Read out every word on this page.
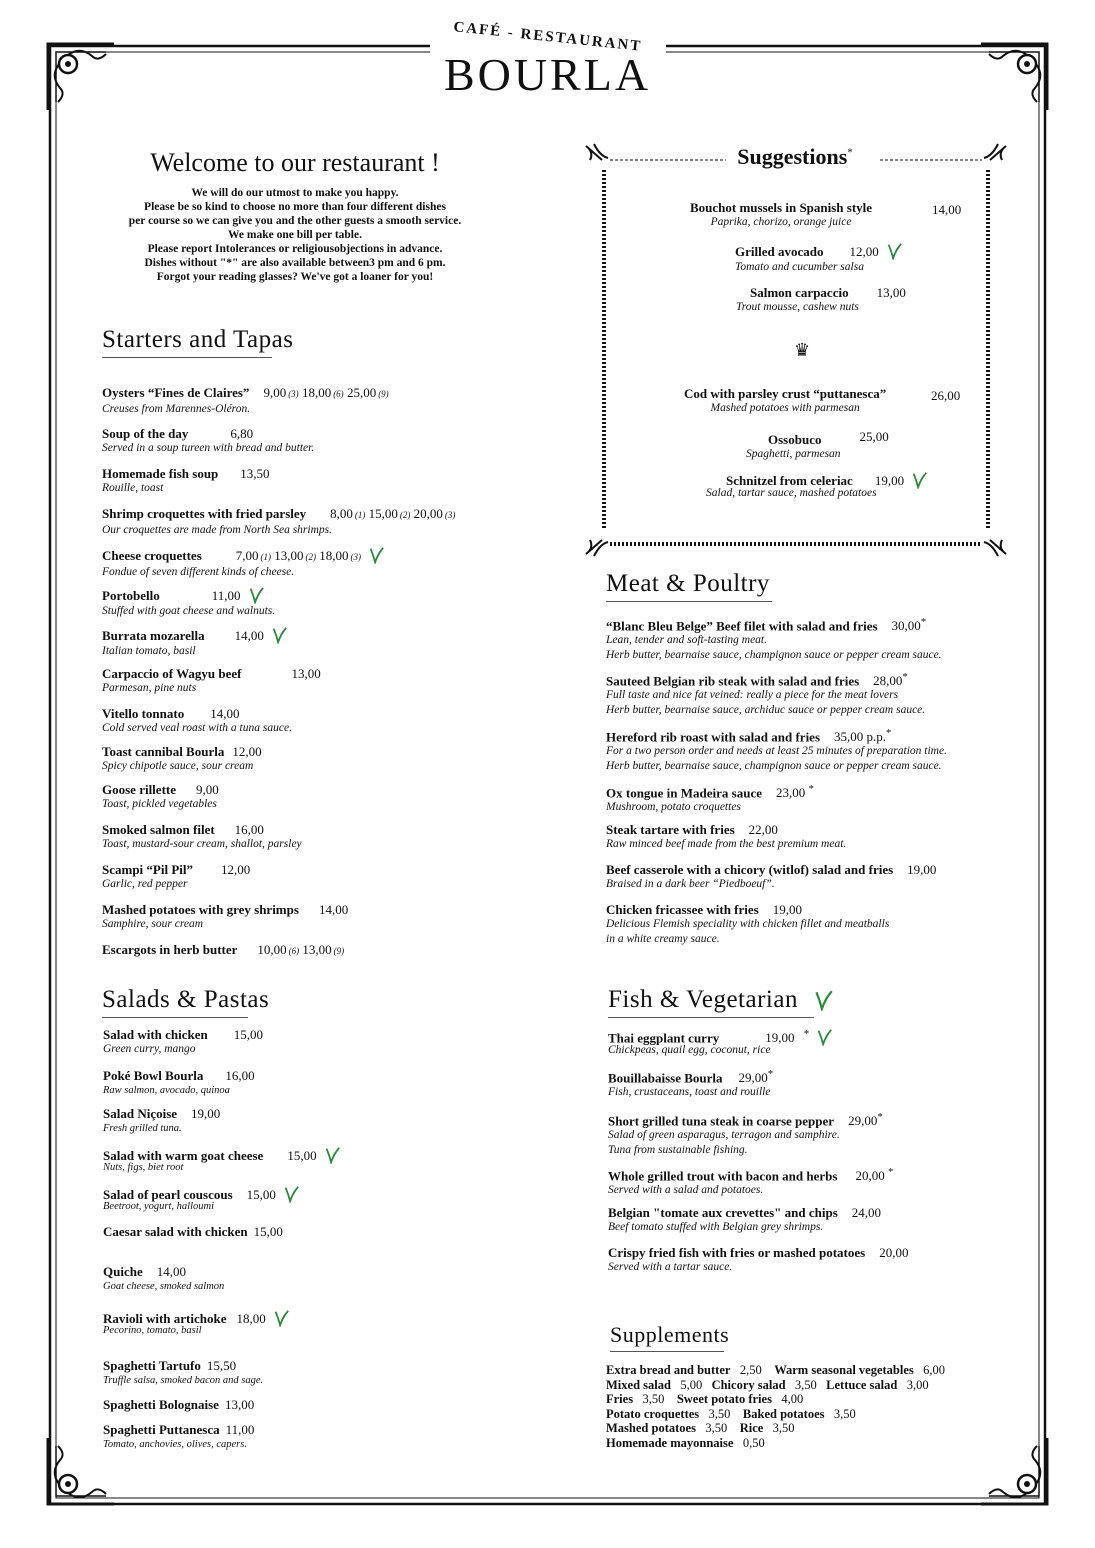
CAFÉ - RESTAURANT
BOURLA
Welcome to our restaurant !
We will do our utmost to make you happy.
Please be so kind to choose no more than four different dishes
per course so we can give you and the other guests a smooth service.
We make one bill per table.
Please report Intolerances or religiousobjections in advance.
Dishes without "*" are also available between3 pm and 6 pm.
Forgot your reading glasses? We've got a loaner for you!
Starters and Tapas
Oysters “Fines de Claires” 9,00 (3) 18,00 (6) 25,00 (9)
Creuses from Marennes-Oléron.
Soup of the day	6,80
Served in a soup tureen with bread and butter.
Homemade fish soup 13,50
Rouille, toast
Shrimp croquettes with fried parsley 8,00 (1) 15,00 (2) 20,00 (3)
Our croquettes are made from North Sea shrimps.
Cheese croquettes	7,00 (1) 13,00 (2) 18,00 (3)
Fondue of seven different kinds of cheese.
Portobello	11,00
Stuffed with goat cheese and walnuts.
Burrata mozarella 14,00
Italian tomato, basil
Carpaccio of Wagyu beef	13,00
Parmesan, pine nuts
Vitello tonnato 14,00
Cold served veal roast with a tuna sauce.
Toast cannibal Bourla 12,00
Spicy chipotle sauce, sour cream
Goose rillette 9,00
Toast, pickled vegetables
Smoked salmon filet 16,00
Toast, mustard-sour cream, shallot, parsley
Scampi “Pil Pil” 12,00
Garlic, red pepper
Mashed potatoes with grey shrimps 14,00
Samphire, sour cream
Escargots in herb butter 10,00 (6) 13,00 (9)
Salads & Pastas
Salad with chicken 15,00
Green curry, mango
Poké Bowl Bourla 16,00
Raw salmon, avocado, quinoa
Salad Niçoise 19,00
Fresh grilled tuna.
Salad with warm goat cheese 15,00
Nuts, figs, biet root
Salad of pearl couscous 15,00
Beetroot, yogurt, halloumi
Caesar salad with chicken 15,00
Quiche 14,00
Goat cheese, smoked salmon
Ravioli with artichoke 18,00
Pecorino, tomato, basil
Spaghetti Tartufo 15,50
Truffle salsa, smoked bacon and sage.
Spaghetti Bolognaise 13,00
Spaghetti Puttanesca 11,00
Tomato, anchovies, olives, capers.
Suggestions*
Bouchot mussels in Spanish style
Paprika, chorizo, orange juice
14,00
Grilled avocado 12,00
Tomato and cucumber salsa
Salmon carpaccio 13,00
Trout mousse, cashew nuts
♛
Cod with parsley crust “puttanesca”
Mashed potatoes with parmesan
26,00
Ossobuco	25,00
Spaghetti, parmesan
Schnitzel from celeriac 19,00
Salad, tartar sauce, mashed potatoes
Meat & Poultry
“Blanc Bleu Belge” Beef filet with salad and fries 30,00*
Lean, tender and soft-tasting meat.
Herb butter, bearnaise sauce, champignon sauce or pepper cream sauce.
Sauteed Belgian rib steak with salad and fries 28,00*
Full taste and nice fat veined: really a piece for the meat lovers
Herb butter, bearnaise sauce, archiduc sauce or pepper cream sauce.
Hereford rib roast with salad and fries 35,00 p.p.*
For a two person order and needs at least 25 minutes of preparation time.
Herb butter, bearnaise sauce, champignon sauce or pepper cream sauce.
Ox tongue in Madeira sauce 23,00 *
Mushroom, potato croquettes
Steak tartare with fries 22,00
Raw minced beef made from the best premium meat.
Beef casserole with a chicory (witlof) salad and fries 19,00
Braised in a dark beer “Piedboeuf”.
Chicken fricassee with fries 19,00
Delicious Flemish speciality with chicken fillet and meatballs
in a white creamy sauce.
Fish & Vegetarian
Thai eggplant curry	19,00 *
Chickpeas, quail egg, coconut, rice
Bouillabaisse Bourla 29,00*
Fish, crustaceans, toast and rouille
Short grilled tuna steak in coarse pepper 29,00*
Salad of green asparagus, terragon and samphire.
Tuna from sustainable fishing.
Whole grilled trout with bacon and herbs 20,00 *
Served with a salad and potatoes.
Belgian "tomate aux crevettes" and chips 24,00
Beef tomato stuffed with Belgian grey shrimps.
Crispy fried fish with fries or mashed potatoes 20,00
Served with a tartar sauce.
Supplements
Extra bread and butter 2,50 Warm seasonal vegetables 6,00
Mixed salad 5,00 Chicory salad 3,50 Lettuce salad 3,00
Fries 3,50 Sweet potato fries 4,00
Potato croquettes 3,50 Baked potatoes 3,50
Mashed potatoes 3,50 Rice 3,50
Homemade mayonnaise 0,50
